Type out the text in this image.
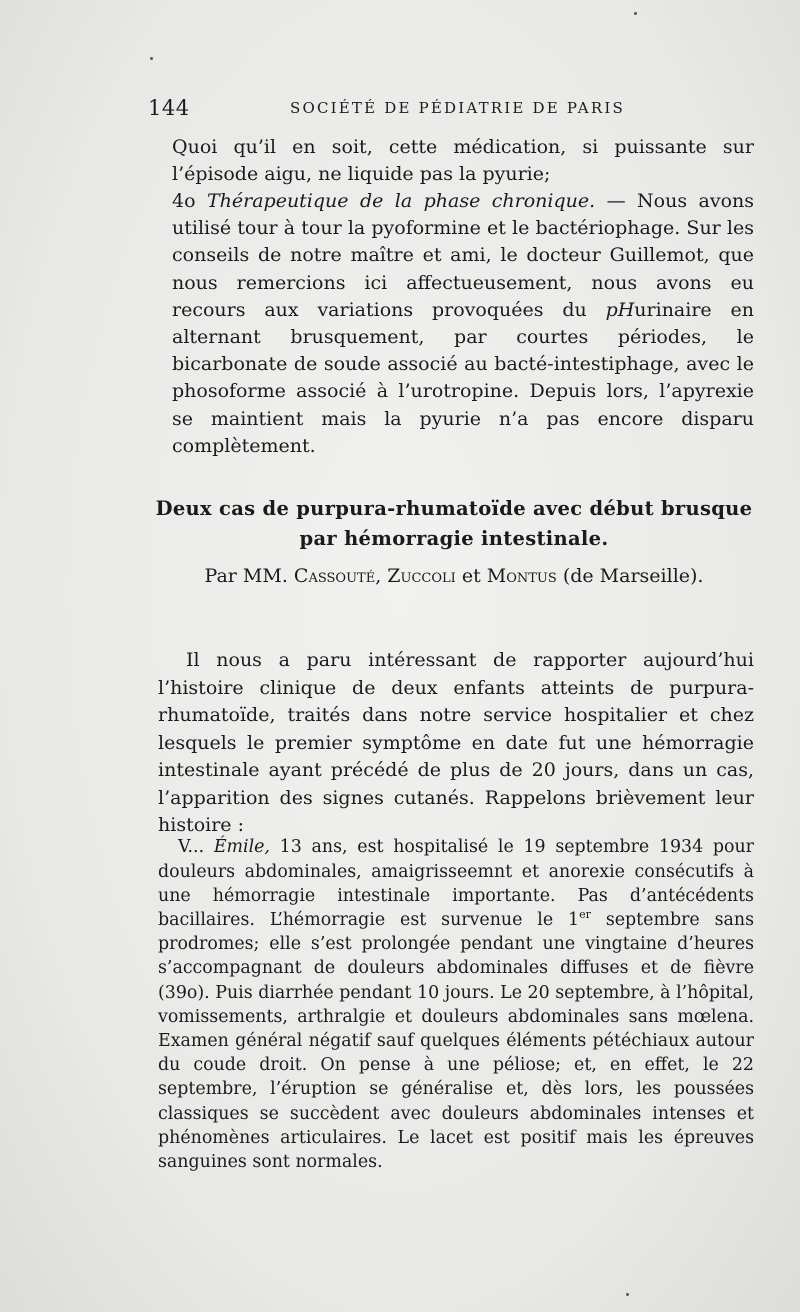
144	SOCIÉTÉ DE PÉDIATRIE DE PARIS

Quoi qu’il en soit, cette médication, si puissante sur l’épisode aigu, ne liquide pas la pyurie;

4o Thérapeutique de la phase chronique. — Nous avons utilisé tour à tour la pyoformine et le bactériophage. Sur les conseils de notre maître et ami, le docteur Guillemot, que nous remercions ici affectueusement, nous avons eu recours aux variations provoquées du pHurinaire en alternant brusquement, par courtes périodes, le bicarbonate de soude associé au bacté-intestiphage, avec le phosoforme associé à l’urotropine. Depuis lors, l’apyrexie se maintient mais la pyurie n’a pas encore disparu complètement.

Deux cas de purpura-rhumatoïde avec début brusque
par hémorragie intestinale.
Par MM. Cassouté, Zuccoli et Montus (de Marseille).

Il nous a paru intéressant de rapporter aujourd’hui l’histoire clinique de deux enfants atteints de purpura-rhumatoïde, traités dans notre service hospitalier et chez lesquels le premier symptôme en date fut une hémorragie intestinale ayant précédé de plus de 20 jours, dans un cas, l’apparition des signes cutanés. Rappelons brièvement leur histoire :

V... Émile, 13 ans, est hospitalisé le 19 septembre 1934 pour douleurs abdominales, amaigrisseemnt et anorexie consécutifs à une hémorragie intestinale importante. Pas d’antécédents bacillaires. L’hémorragie est survenue le 1er septembre sans prodromes; elle s’est prolongée pendant une vingtaine d’heures s’accompagnant de douleurs abdominales diffuses et de fièvre (39o). Puis diarrhée pendant 10 jours. Le 20 septembre, à l’hôpital, vomissements, arthralgie et douleurs abdominales sans mœlena. Examen général négatif sauf quelques éléments pétéchiaux autour du coude droit. On pense à une péliose; et, en effet, le 22 septembre, l’éruption se généralise et, dès lors, les poussées classiques se succèdent avec douleurs abdominales intenses et phénomènes articulaires. Le lacet est positif mais les épreuves sanguines sont normales.
